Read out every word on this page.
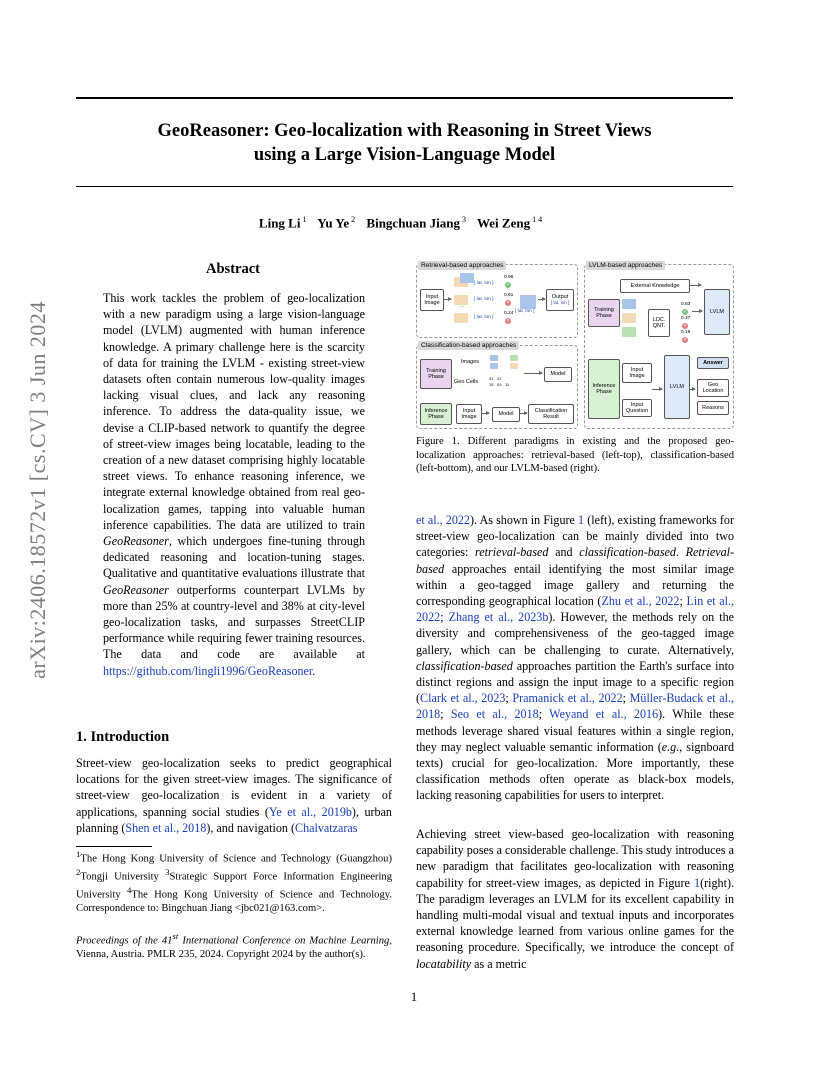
GeoReasoner: Geo-localization with Reasoning in Street Views
using a Large Vision-Language Model
Ling Li $^1$ Yu Ye $^2$ Bingchuan Jiang $^3$ Wei Zeng $^{1 4}$
arXiv:2406.18572v1 [cs.CV] 3 Jun 2024
Abstract
This work tackles the problem of geo-localization with a new paradigm using a large vision-language model (LVLM) augmented with human inference knowledge. A primary challenge here is the scarcity of data for training the LVLM - existing street-view datasets often contain numerous low-quality images lacking visual clues, and lack any reasoning inference. To address the data-quality issue, we devise a CLIP-based network to quantify the degree of street-view images being locatable, leading to the creation of a new dataset comprising highly locatable street views. To enhance reasoning inference, we integrate external knowledge obtained from real geo-localization games, tapping into valuable human inference capabilities. The data are utilized to train GeoReasoner, which undergoes fine-tuning through dedicated reasoning and location-tuning stages. Qualitative and quantitative evaluations illustrate that GeoReasoner outperforms counterpart LVLMs by more than 25% at country-level and 38% at city-level geo-localization tasks, and surpasses StreetCLIP performance while requiring fewer training resources. The data and code are available at https://github.com/lingli1996/GeoReasoner.
1. Introduction
Street-view geo-localization seeks to predict geographical locations for the given street-view images. The significance of street-view geo-localization is evident in a variety of applications, spanning social studies (Ye et al., 2019b), urban planning (Shen et al., 2018), and navigation (Chalvatzaras
$^1$The Hong Kong University of Science and Technology (Guangzhou) $^2$Tongji University $^3$Strategic Support Force Information Engineering University $^4$The Hong Kong University of Science and Technology. Correspondence to: Bingchuan Jiang <jbc021@163.com>.
Proceedings of the 41st International Conference on Machine Learning, Vienna, Austria. PMLR 235, 2024. Copyright 2024 by the author(s).
1
Retrieval-based approaches
Input Image
[ lat, lon ]
[ lat, lon ]
[ lat, lon ]
...
0.96
0.61
0.24
✓
×
×
[ lat, lon ]
Output
[ lat, lon ]
Classification-based approaches
Training Phase
Images
Geo Cells
31 22
15 03 11
Model
Inference Phase
Input Image	Model
Classification Result
LVLM-based approaches
External Knowledge
Training Phase
LOC. QNT.
0.83
0.37
0.19
✓
×
×
LVLM
Inference Phase
Input Image
Input Question
LVLM
Answer
Geo Location
Reasons
Figure 1. Different paradigms in existing and the proposed geo-localization approaches: retrieval-based (left-top), classification-based (left-bottom), and our LVLM-based (right).
et al., 2022). As shown in Figure 1 (left), existing frameworks for street-view geo-localization can be mainly divided into two categories: retrieval-based and classification-based. Retrieval-based approaches entail identifying the most similar image within a geo-tagged image gallery and returning the corresponding geographical location (Zhu et al., 2022; Lin et al., 2022; Zhang et al., 2023b). However, the methods rely on the diversity and comprehensiveness of the geo-tagged image gallery, which can be challenging to curate. Alternatively, classification-based approaches partition the Earth's surface into distinct regions and assign the input image to a specific region (Clark et al., 2023; Pramanick et al., 2022; Müller-Budack et al., 2018; Seo et al., 2018; Weyand et al., 2016). While these methods leverage shared visual features within a single region, they may neglect valuable semantic information (e.g., signboard texts) crucial for geo-localization. More importantly, these classification methods often operate as black-box models, lacking reasoning capabilities for users to interpret.
Achieving street view-based geo-localization with reasoning capability poses a considerable challenge. This study introduces a new paradigm that facilitates geo-localization with reasoning capability for street-view images, as depicted in Figure 1(right). The paradigm leverages an LVLM for its excellent capability in handling multi-modal visual and textual inputs and incorporates external knowledge learned from various online games for the reasoning procedure. Specifically, we introduce the concept of locatability as a metric
